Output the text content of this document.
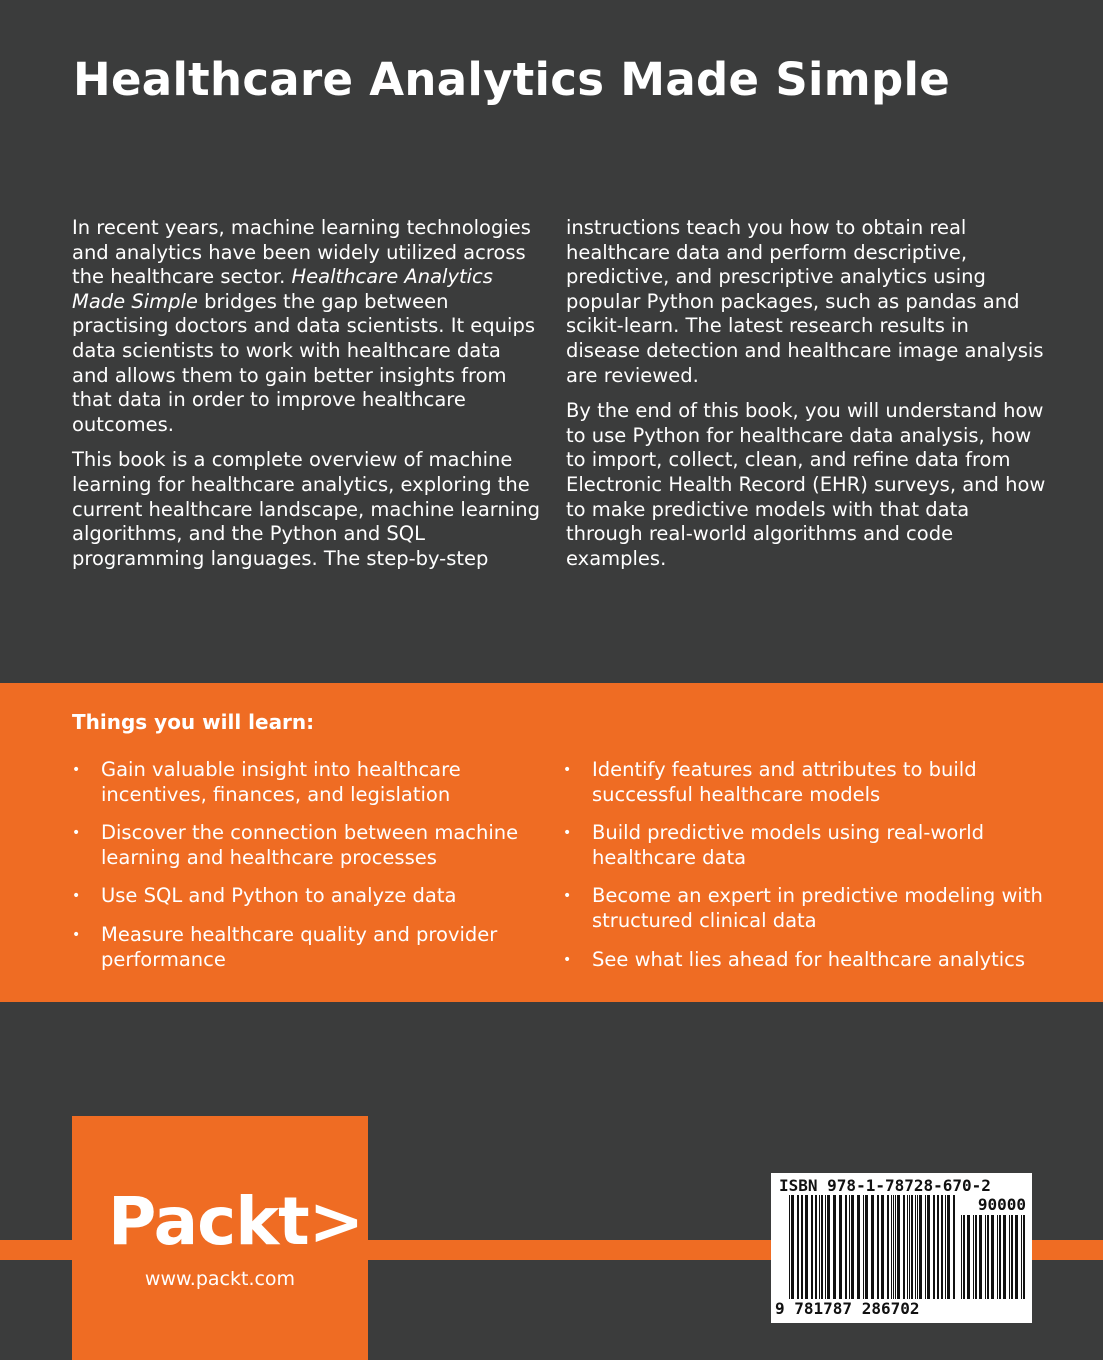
Healthcare Analytics Made Simple

In recent years, machine learning technologies and analytics have been widely utilized across the healthcare sector. Healthcare Analytics Made Simple bridges the gap between practising doctors and data scientists. It equips data scientists to work with healthcare data and allows them to gain better insights from that data in order to improve healthcare outcomes.

This book is a complete overview of machine learning for healthcare analytics, exploring the current healthcare landscape, machine learning algorithms, and the Python and SQL programming languages. The step-by-step

instructions teach you how to obtain real healthcare data and perform descriptive, predictive, and prescriptive analytics using popular Python packages, such as pandas and scikit-learn. The latest research results in disease detection and healthcare image analysis are reviewed.

By the end of this book, you will understand how to use Python for healthcare data analysis, how to import, collect, clean, and refine data from Electronic Health Record (EHR) surveys, and how to make predictive models with that data through real-world algorithms and code examples.

Things you will learn:
• Gain valuable insight into healthcare incentives, finances, and legislation
• Discover the connection between machine learning and healthcare processes
• Use SQL and Python to analyze data
• Measure healthcare quality and provider performance
• Identify features and attributes to build successful healthcare models
• Build predictive models using real-world healthcare data
• Become an expert in predictive modeling with structured clinical data
• See what lies ahead for healthcare analytics
Packt>
www.packt.com
ISBN 978-1-78728-670-2
90000
9 781787 286702
